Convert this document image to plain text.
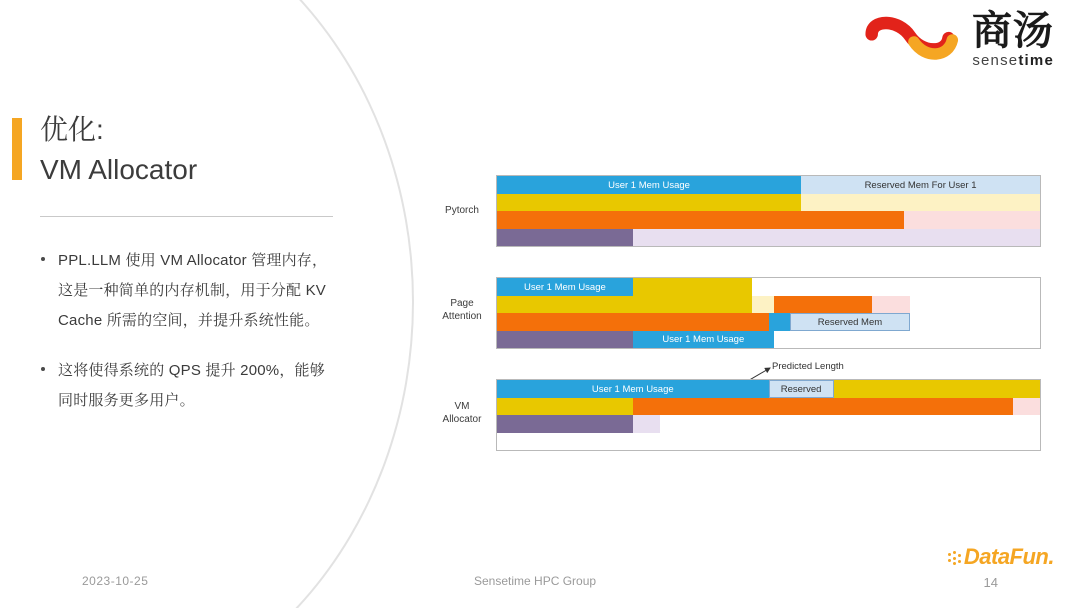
商汤
sensetime
优化:
VM Allocator
PPL.LLM 使用 VM Allocator 管理内存，这是一种简单的内存机制，用于分配 KV Cache 所需的空间，并提升系统性能。
这将使得系统的 QPS 提升 200%，能够同时服务更多用户。
Pytorch
User 1 Mem Usage	Reserved Mem For User 1
Page
Attention
User 1 Mem Usage
Reserved Mem
User 1 Mem Usage
VM
Allocator
Predicted Length
User 1 Mem Usage	Reserved
2023-10-25	Sensetime HPC Group	14
DataFun.
